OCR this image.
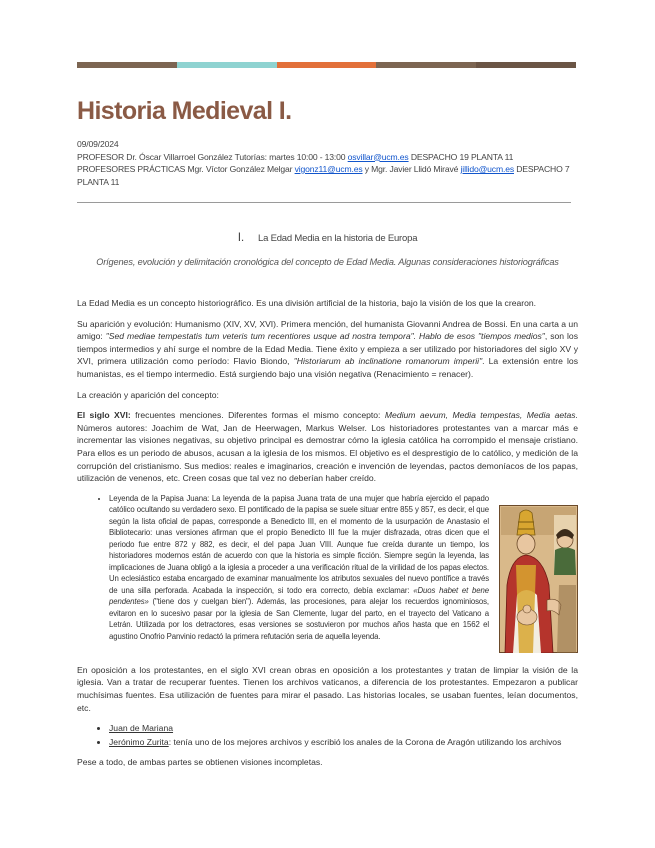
Historia Medieval I.

09/09/2024

PROFESOR Dr. Óscar Villarroel González Tutorías: martes 10:00 - 13:00 osvillar@ucm.es DESPACHO 19 PLANTA 11

PROFESORES PRÁCTICAS Mgr. Víctor González Melgar vigonz11@ucm.es y Mgr. Javier Llidó Miravé jillido@ucm.es DESPACHO 7 PLANTA 11

I. La Edad Media en la historia de Europa
Orígenes, evolución y delimitación cronológica del concepto de Edad Media. Algunas consideraciones historiográficas

La Edad Media es un concepto historiográfico. Es una división artificial de la historia, bajo la visión de los que la crearon.

Su aparición y evolución: Humanismo (XIV, XV, XVI). Primera mención, del humanista Giovanni Andrea de Bossi. En una carta a un amigo: "Sed mediae tempestatis tum veteris tum recentiores usque ad nostra tempora". Hablo de esos "tiempos medios", son los tiempos intermedios y ahí surge el nombre de la Edad Media. Tiene éxito y empieza a ser utilizado por historiadores del siglo XV y XVI, primera utilización como período: Flavio Biondo, "Historiarum ab inclinatione romanorum imperii". La extensión entre los humanistas, es el tiempo intermedio. Está surgiendo bajo una visión negativa (Renacimiento = renacer).

La creación y aparición del concepto:

El siglo XVI: frecuentes menciones. Diferentes formas el mismo concepto: Medium aevum, Media tempestas, Media aetas. Números autores: Joachim de Wat, Jan de Heerwagen, Markus Welser. Los historiadores protestantes van a marcar más e incrementar las visiones negativas, su objetivo principal es demostrar cómo la iglesia católica ha corrompido el mensaje cristiano. Para ellos es un periodo de abusos, acusan a la iglesia de los mismos. El objetivo es el desprestigio de lo católico, y medición de la corrupción del cristianismo. Sus medios: reales e imaginarios, creación e invención de leyendas, pactos demoníacos de los papas, utilización de venenos, etc. Creen cosas que tal vez no deberían haber creído.

• Leyenda de la Papisa Juana: La leyenda de la papisa Juana trata de una mujer que habría ejercido el papado católico ocultando su verdadero sexo. El pontificado de la papisa se suele situar entre 855 y 857, es decir, el que según la lista oficial de papas, corresponde a Benedicto III, en el momento de la usurpación de Anastasio el Bibliotecario: unas versiones afirman que el propio Benedicto III fue la mujer disfrazada, otras dicen que el periodo fue entre 872 y 882, es decir, el del papa Juan VIII. Aunque fue creída durante un tiempo, los historiadores modernos están de acuerdo con que la historia es simple ficción. Siempre según la leyenda, las implicaciones de Juana obligó a la iglesia a proceder a una verificación ritual de la virilidad de los papas electos. Un eclesiástico estaba encargado de examinar manualmente los atributos sexuales del nuevo pontífice a través de una silla perforada. Acabada la inspección, si todo era correcto, debía exclamar: «Duos habet et bene pendentes» ("tiene dos y cuelgan bien"). Además, las procesiones, para alejar los recuerdos ignominiosos, evitaron en lo sucesivo pasar por la iglesia de San Clemente, lugar del parto, en el trayecto del Vaticano a Letrán. Utilizada por los detractores, esas versiones se sostuvieron por muchos años hasta que en 1562 el agustino Onofrio Panvinio redactó la primera refutación seria de aquella leyenda.

En oposición a los protestantes, en el siglo XVI crean obras en oposición a los protestantes y tratan de limpiar la visión de la iglesia. Van a tratar de recuperar fuentes. Tienen los archivos vaticanos, a diferencia de los protestantes. Empezaron a publicar muchísimas fuentes. Esa utilización de fuentes para mirar el pasado. Las historias locales, se usaban fuentes, leían documentos, etc.

• Juan de Mariana
• Jerónimo Zurita: tenía uno de los mejores archivos y escribió los anales de la Corona de Aragón utilizando los archivos

Pese a todo, de ambas partes se obtienen visiones incompletas.
